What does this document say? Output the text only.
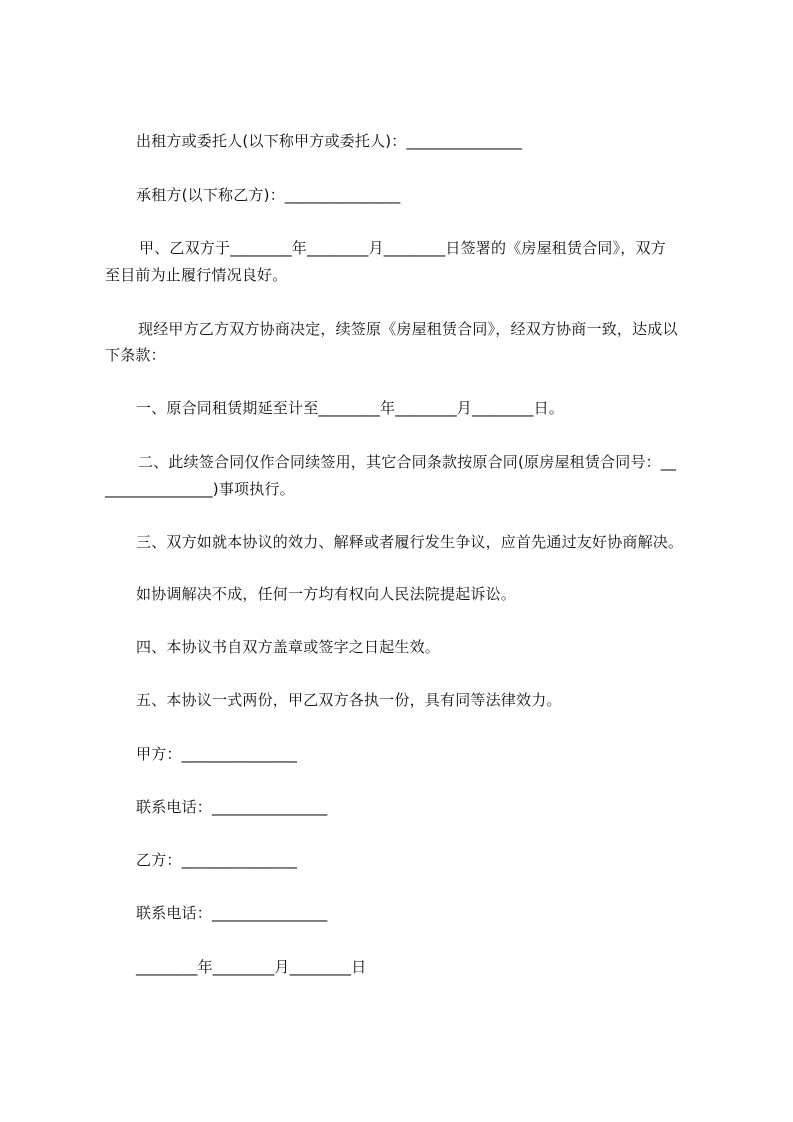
出租方或委托人(以下称甲方或委托人)：_______________

承租方(以下称乙方)：_______________

甲、乙双方于________年________月________日签署的《房屋租赁合同》，双方

至目前为止履行情况良好。

现经甲方乙方双方协商决定，续签原《房屋租赁合同》，经双方协商一致，达成以

下条款：

一、原合同租赁期延至计至________年________月________日。

二、此续签合同仅作合同续签用，其它合同条款按原合同(原房屋租赁合同号：__

______________)事项执行。

三、双方如就本协议的效力、解释或者履行发生争议，应首先通过友好协商解决。

如协调解决不成，任何一方均有权向人民法院提起诉讼。

四、本协议书自双方盖章或签字之日起生效。

五、本协议一式两份，甲乙双方各执一份，具有同等法律效力。

甲方：_______________

联系电话：_______________

乙方：_______________

联系电话：_______________

________年________月________日
